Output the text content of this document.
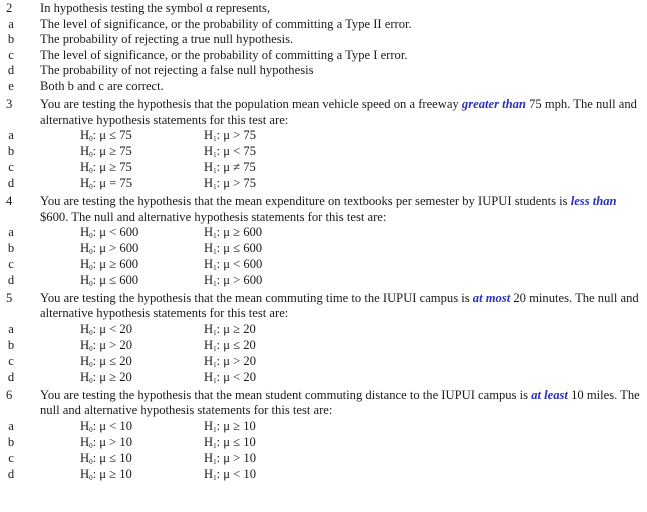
2	In hypothesis testing the symbol α represents,
a The level of significance, or the probability of committing a Type II error.
b The probability of rejecting a true null hypothesis.
c The level of significance, or the probability of committing a Type I error.
d The probability of not rejecting a false null hypothesis
e Both b and c are correct.
3	You are testing the hypothesis that the population mean vehicle speed on a freeway greater than 75 mph. The null and
alternative hypothesis statements for this test are:
a	$H_0$: μ ≤ 75	$H_1$: μ > 75
b	$H_0$: μ ≥ 75	$H_1$: μ < 75
c	$H_0$: μ ≥ 75	$H_1$: μ ≠ 75
d	$H_0$: μ = 75	$H_1$: μ > 75
4	You are testing the hypothesis that the mean expenditure on textbooks per semester by IUPUI students is less than
$600. The null and alternative hypothesis statements for this test are:
a	$H_0$: μ < 600	$H_1$: μ ≥ 600
b	$H_0$: μ > 600	$H_1$: μ ≤ 600
c	$H_0$: μ ≥ 600	$H_1$: μ < 600
d	$H_0$: μ ≤ 600	$H_1$: μ > 600
5	You are testing the hypothesis that the mean commuting time to the IUPUI campus is at most 20 minutes. The null and
alternative hypothesis statements for this test are:
a	$H_0$: μ < 20	$H_1$: μ ≥ 20
b	$H_0$: μ > 20	$H_1$: μ ≤ 20
c	$H_0$: μ ≤ 20	$H_1$: μ > 20
d	$H_0$: μ ≥ 20	$H_1$: μ < 20
6	You are testing the hypothesis that the mean student commuting distance to the IUPUI campus is at least 10 miles. The
null and alternative hypothesis statements for this test are:
a	$H_0$: μ < 10	$H_1$: μ ≥ 10
b	$H_0$: μ > 10	$H_1$: μ ≤ 10
c	$H_0$: μ ≤ 10	$H_1$: μ > 10
d	$H_0$: μ ≥ 10	$H_1$: μ < 10
